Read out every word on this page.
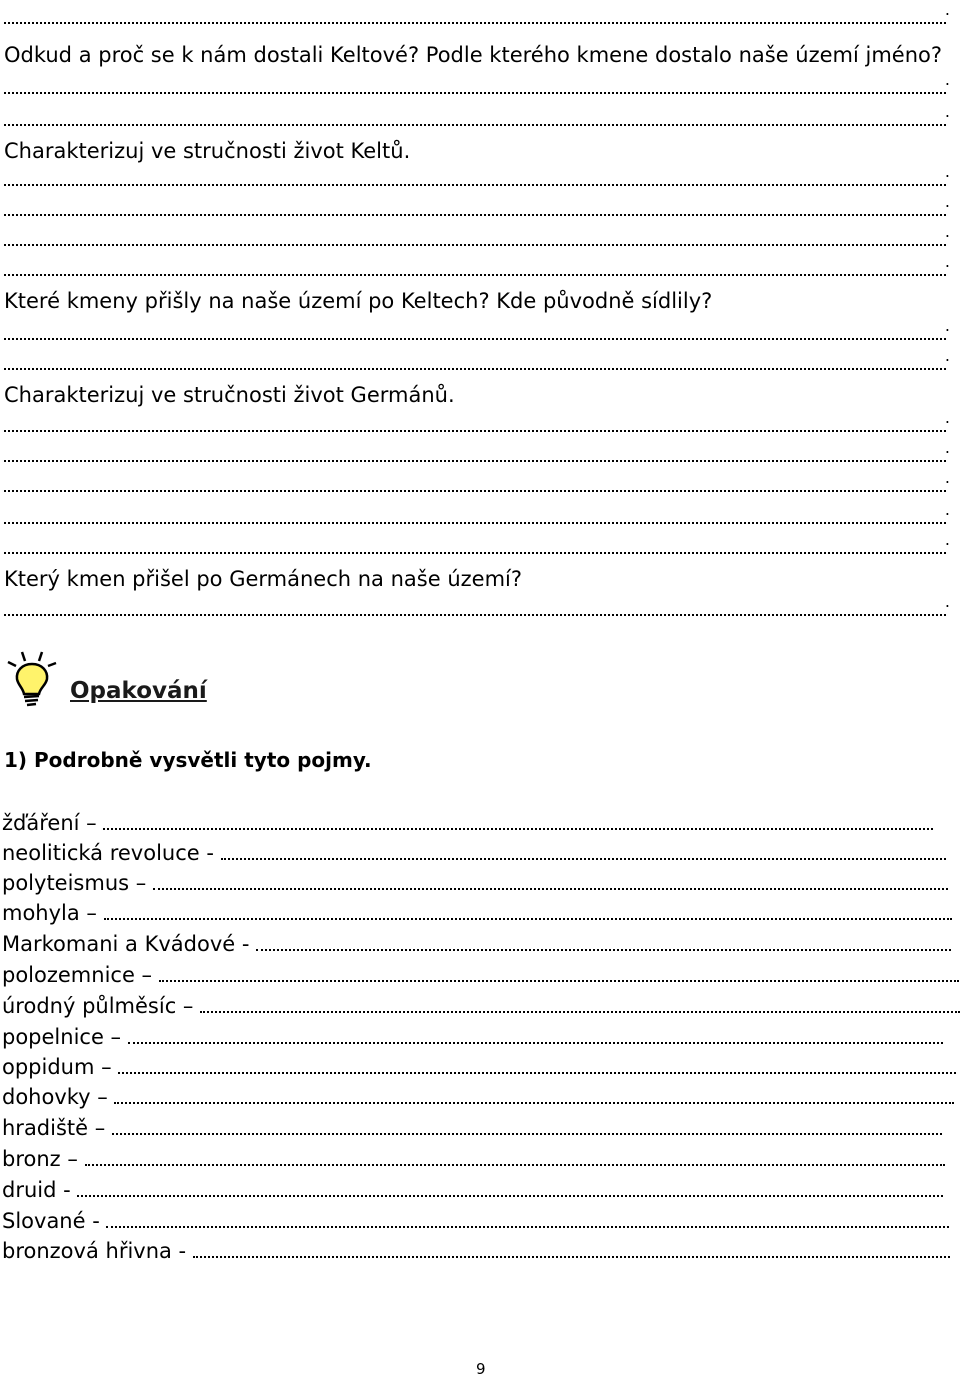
.
Odkud a proč se k nám dostali Keltové? Podle kterého kmene dostalo naše území jméno?
.
.
Charakterizuj ve stručnosti život Keltů.
.
.
.
.
Které kmeny přišly na naše území po Keltech? Kde původně sídlily?
.
.
Charakterizuj ve stručnosti život Germánů.
.
.
.
.
.
Který kmen přišel po Germánech na naše území?
.
Opakování
1) Podrobně vysvětli tyto pojmy.
žďáření –
neolitická revoluce -
polyteismus –
mohyla –
Markomani a Kvádové -
polozemnice –
úrodný půlměsíc –
popelnice –
oppidum –
dohovky –
hradiště –
bronz –
druid -
Slované -
bronzová hřivna -
9
